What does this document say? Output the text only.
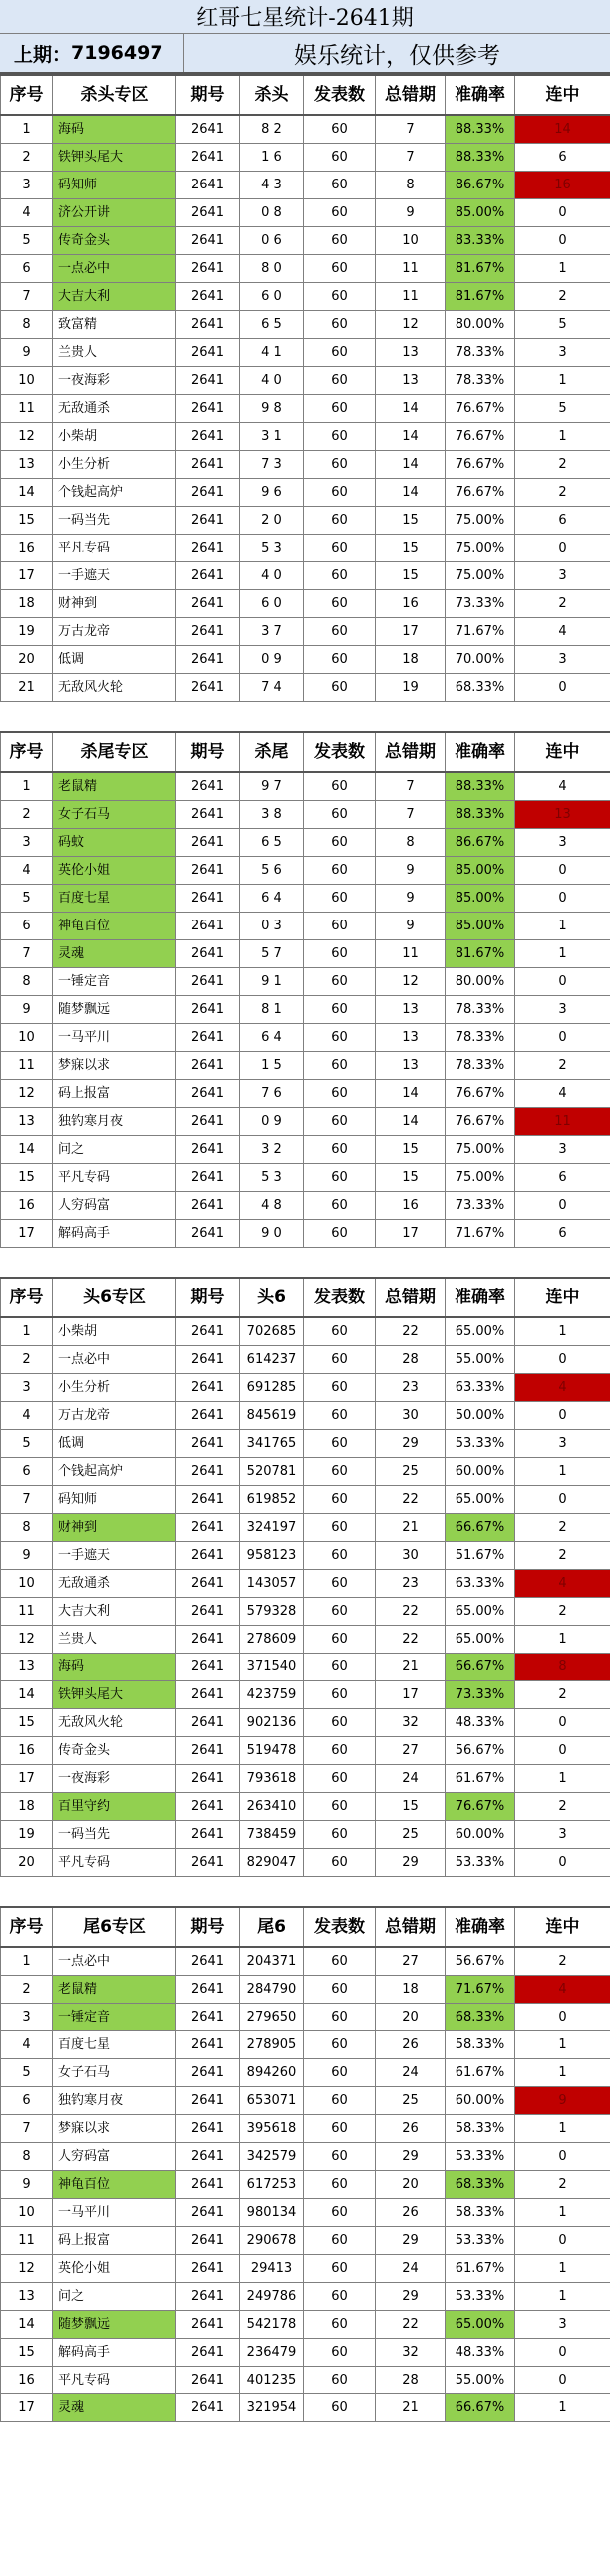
红哥七星统计-2641期
上期： 7196497	娱乐统计，仅供参考
序号	杀头专区	期号	杀头	发表数	总错期	准确率	连中
1	海码	2641	8 2	60	7	88.33%	14
2	铁钾头尾大	2641	1 6	60	7	88.33%	6
3	码知师	2641	4 3	60	8	86.67%	16
4	济公开讲	2641	0 8	60	9	85.00%	0
5	传奇金头	2641	0 6	60	10	83.33%	0
6	一点必中	2641	8 0	60	11	81.67%	1
7	大吉大利	2641	6 0	60	11	81.67%	2
8	致富精	2641	6 5	60	12	80.00%	5
9	兰贵人	2641	4 1	60	13	78.33%	3
10	一夜海彩	2641	4 0	60	13	78.33%	1
11	无敌通杀	2641	9 8	60	14	76.67%	5
12	小柴胡	2641	3 1	60	14	76.67%	1
13	小生分析	2641	7 3	60	14	76.67%	2
14	个钱起高炉	2641	9 6	60	14	76.67%	2
15	一码当先	2641	2 0	60	15	75.00%	6
16	平凡专码	2641	5 3	60	15	75.00%	0
17	一手遮天	2641	4 0	60	15	75.00%	3
18	财神到	2641	6 0	60	16	73.33%	2
19	万古龙帝	2641	3 7	60	17	71.67%	4
20	低调	2641	0 9	60	18	70.00%	3
21	无敌风火轮	2641	7 4	60	19	68.33%	0
序号	杀尾专区	期号	杀尾	发表数	总错期	准确率	连中
1	老鼠精	2641	9 7	60	7	88.33%	4
2	女子石马	2641	3 8	60	7	88.33%	13
3	码蚊	2641	6 5	60	8	86.67%	3
4	英伦小姐	2641	5 6	60	9	85.00%	0
5	百度七星	2641	6 4	60	9	85.00%	0
6	神龟百位	2641	0 3	60	9	85.00%	1
7	灵魂	2641	5 7	60	11	81.67%	1
8	一锤定音	2641	9 1	60	12	80.00%	0
9	随梦飘远	2641	8 1	60	13	78.33%	3
10	一马平川	2641	6 4	60	13	78.33%	0
11	梦寐以求	2641	1 5	60	13	78.33%	2
12	码上报富	2641	7 6	60	14	76.67%	4
13	独钓寒月夜	2641	0 9	60	14	76.67%	11
14	问之	2641	3 2	60	15	75.00%	3
15	平凡专码	2641	5 3	60	15	75.00%	6
16	人穷码富	2641	4 8	60	16	73.33%	0
17	解码高手	2641	9 0	60	17	71.67%	6
序号	头6专区	期号	头6	发表数	总错期	准确率	连中
1	小柴胡	2641	702685	60	22	65.00%	1
2	一点必中	2641	614237	60	28	55.00%	0
3	小生分析	2641	691285	60	23	63.33%	4
4	万古龙帝	2641	845619	60	30	50.00%	0
5	低调	2641	341765	60	29	53.33%	3
6	个钱起高炉	2641	520781	60	25	60.00%	1
7	码知师	2641	619852	60	22	65.00%	0
8	财神到	2641	324197	60	21	66.67%	2
9	一手遮天	2641	958123	60	30	51.67%	2
10	无敌通杀	2641	143057	60	23	63.33%	4
11	大吉大利	2641	579328	60	22	65.00%	2
12	兰贵人	2641	278609	60	22	65.00%	1
13	海码	2641	371540	60	21	66.67%	8
14	铁钾头尾大	2641	423759	60	17	73.33%	2
15	无敌风火轮	2641	902136	60	32	48.33%	0
16	传奇金头	2641	519478	60	27	56.67%	0
17	一夜海彩	2641	793618	60	24	61.67%	1
18	百里守约	2641	263410	60	15	76.67%	2
19	一码当先	2641	738459	60	25	60.00%	3
20	平凡专码	2641	829047	60	29	53.33%	0
序号	尾6专区	期号	尾6	发表数	总错期	准确率	连中
1	一点必中	2641	204371	60	27	56.67%	2
2	老鼠精	2641	284790	60	18	71.67%	4
3	一锤定音	2641	279650	60	20	68.33%	0
4	百度七星	2641	278905	60	26	58.33%	1
5	女子石马	2641	894260	60	24	61.67%	1
6	独钓寒月夜	2641	653071	60	25	60.00%	9
7	梦寐以求	2641	395618	60	26	58.33%	1
8	人穷码富	2641	342579	60	29	53.33%	0
9	神龟百位	2641	617253	60	20	68.33%	2
10	一马平川	2641	980134	60	26	58.33%	1
11	码上报富	2641	290678	60	29	53.33%	0
12	英伦小姐	2641	29413	60	24	61.67%	1
13	问之	2641	249786	60	29	53.33%	1
14	随梦飘远	2641	542178	60	22	65.00%	3
15	解码高手	2641	236479	60	32	48.33%	0
16	平凡专码	2641	401235	60	28	55.00%	0
17	灵魂	2641	321954	60	21	66.67%	1
